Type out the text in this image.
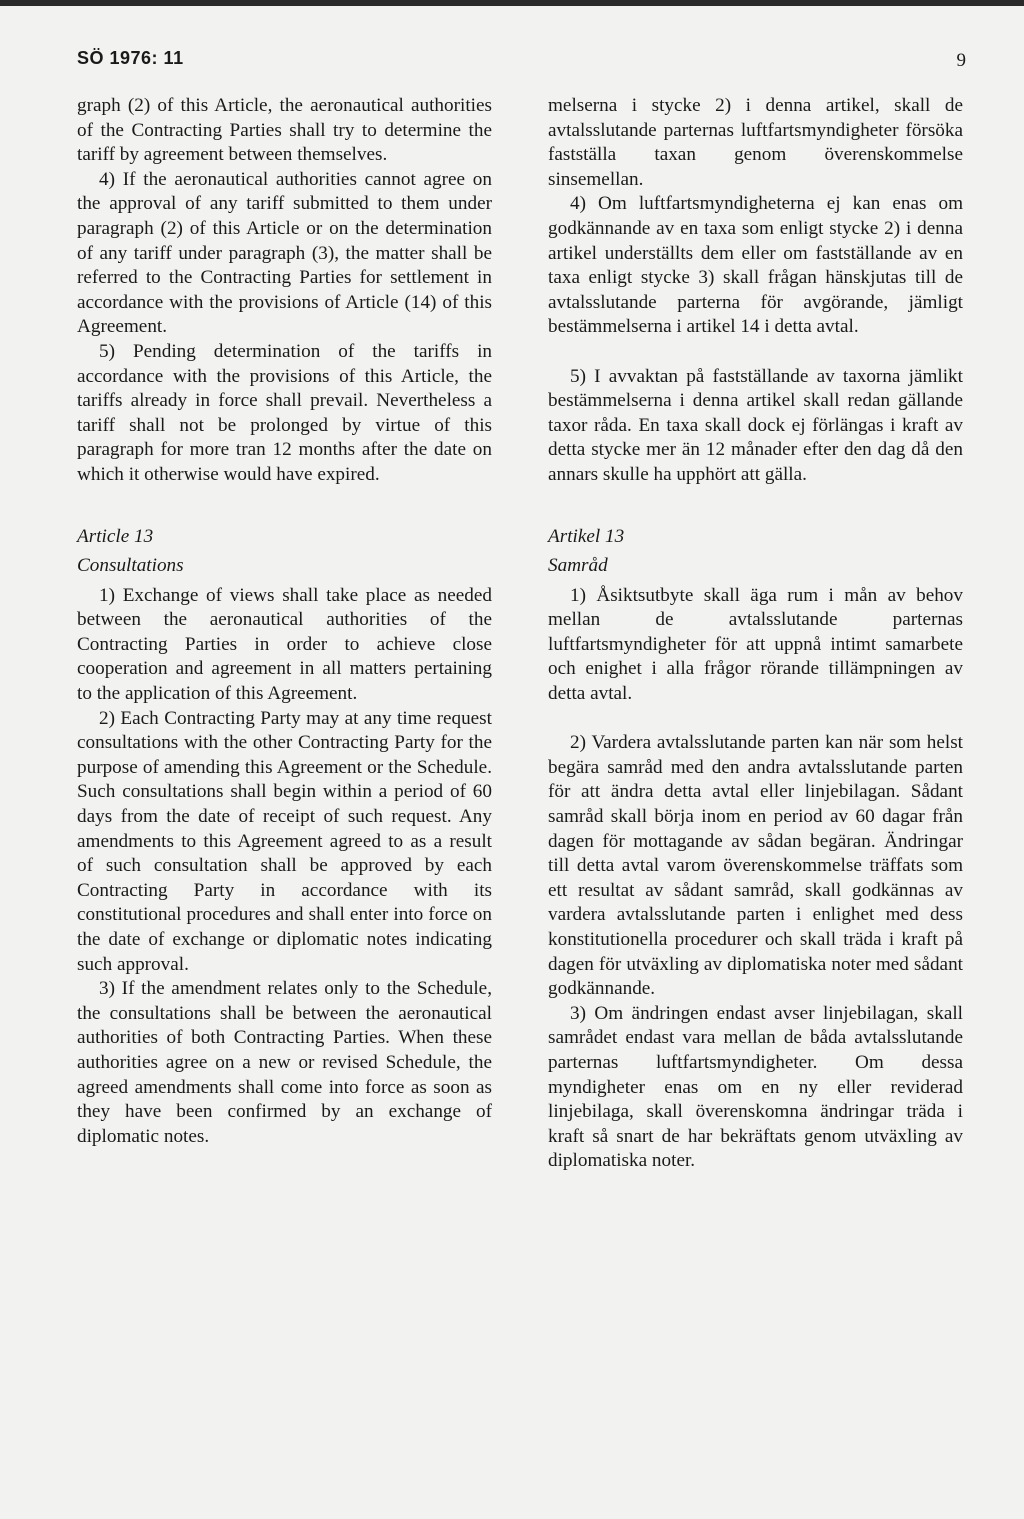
SÖ 1976: 11	9

graph (2) of this Article, the aeronautical authorities of the Contracting Parties shall try to determine the tariff by agreement between themselves.

4) If the aeronautical authorities cannot agree on the approval of any tariff submitted to them under paragraph (2) of this Article or on the determination of any tariff under paragraph (3), the matter shall be referred to the Contracting Parties for settlement in accordance with the provisions of Article (14) of this Agreement.

5) Pending determination of the tariffs in accordance with the provisions of this Article, the tariffs already in force shall prevail. Nevertheless a tariff shall not be prolonged by virtue of this paragraph for more tran 12 months after the date on which it otherwise would have expired.

Article 13

Consultations

1) Exchange of views shall take place as needed between the aeronautical authorities of the Contracting Parties in order to achieve close cooperation and agreement in all matters pertaining to the application of this Agreement.

2) Each Contracting Party may at any time request consultations with the other Contracting Party for the purpose of amending this Agreement or the Schedule. Such consultations shall begin within a period of 60 days from the date of receipt of such request. Any amendments to this Agreement agreed to as a result of such consultation shall be approved by each Contracting Party in accordance with its constitutional procedures and shall enter into force on the date of exchange or diplomatic notes indicating such approval.

3) If the amendment relates only to the Schedule, the consultations shall be between the aeronautical authorities of both Contracting Parties. When these authorities agree on a new or revised Schedule, the agreed amendments shall come into force as soon as they have been confirmed by an exchange of diplomatic notes.

melserna i stycke 2) i denna artikel, skall de avtalsslutande parternas luftfartsmyndigheter försöka fastställa taxan genom överenskommelse sinsemellan.

4) Om luftfartsmyndigheterna ej kan enas om godkännande av en taxa som enligt stycke 2) i denna artikel underställts dem eller om fastställande av en taxa enligt stycke 3) skall frågan hänskjutas till de avtalsslutande parterna för avgörande, jämligt bestämmelserna i artikel 14 i detta avtal.

5) I avvaktan på fastställande av taxorna jämlikt bestämmelserna i denna artikel skall redan gällande taxor råda. En taxa skall dock ej förlängas i kraft av detta stycke mer än 12 månader efter den dag då den annars skulle ha upphört att gälla.

Artikel 13

Samråd

1) Åsiktsutbyte skall äga rum i mån av behov mellan de avtalsslutande parternas luftfartsmyndigheter för att uppnå intimt samarbete och enighet i alla frågor rörande tillämpningen av detta avtal.

2) Vardera avtalsslutande parten kan när som helst begära samråd med den andra avtalsslutande parten för att ändra detta avtal eller linjebilagan. Sådant samråd skall börja inom en period av 60 dagar från dagen för mottagande av sådan begäran. Ändringar till detta avtal varom överenskommelse träffats som ett resultat av sådant samråd, skall godkännas av vardera avtalsslutande parten i enlighet med dess konstitutionella procedurer och skall träda i kraft på dagen för utväxling av diplomatiska noter med sådant godkännande.

3) Om ändringen endast avser linjebilagan, skall samrådet endast vara mellan de båda avtalsslutande parternas luftfartsmyndigheter. Om dessa myndigheter enas om en ny eller reviderad linjebilaga, skall överenskomna ändringar träda i kraft så snart de har bekräftats genom utväxling av diplomatiska noter.
